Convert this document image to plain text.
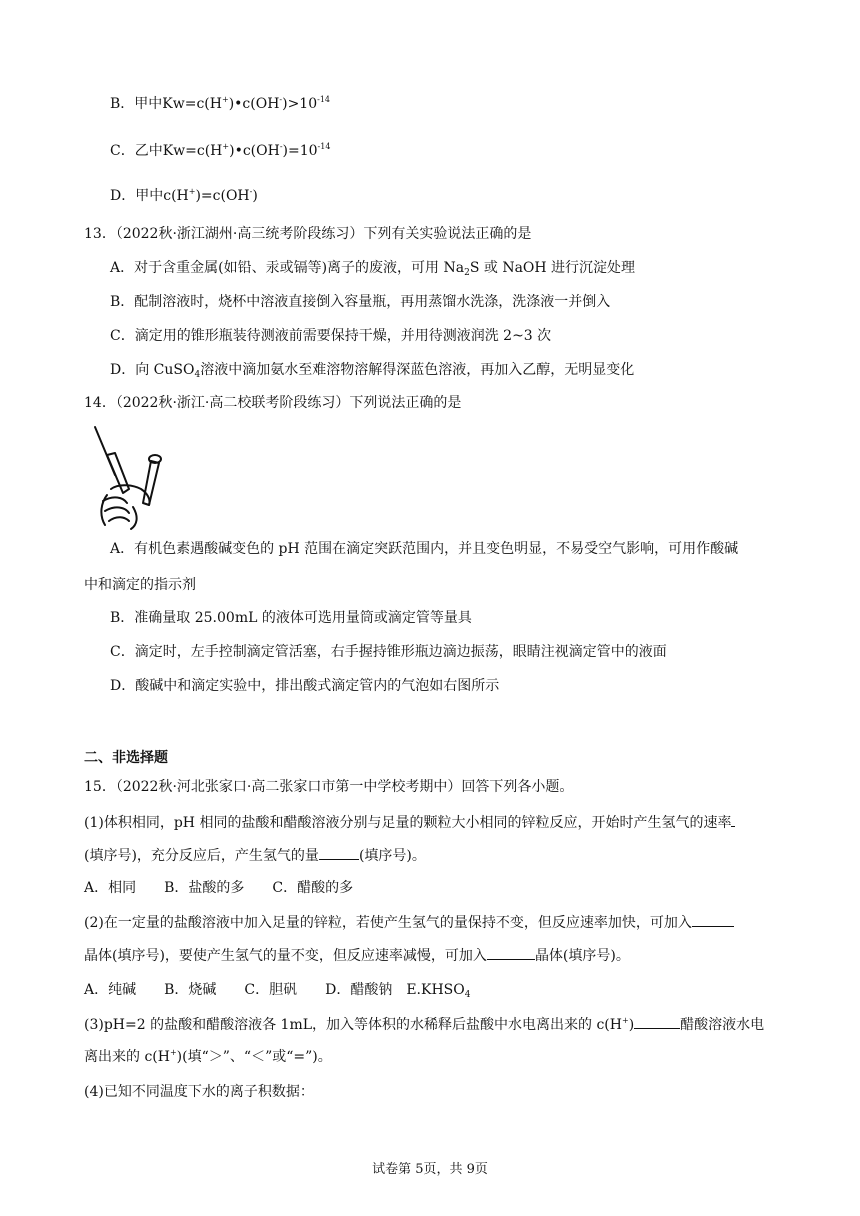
B．甲中$Kw=c(H^+)•c(OH^-)>10^{-14}$
C．乙中$Kw=c(H^+)•c(OH^-)=10^{-14}$
D．甲中c(H+)=c(OH-)
13．（2022秋·浙江湖州·高三统考阶段练习）下列有关实验说法正确的是
A．对于含重金属(如铅、汞或镉等)离子的废液，可用 $Na_2S$ 或 NaOH 进行沉淀处理
B．配制溶液时，烧杯中溶液直接倒入容量瓶，再用蒸馏水洗涤，洗涤液一并倒入
C．滴定用的锥形瓶装待测液前需要保持干燥，并用待测液润洗 2~3 次
D．向 CuSO$_4$溶液中滴加氨水至难溶物溶解得深蓝色溶液，再加入乙醇，无明显变化
14．（2022秋·浙江·高二校联考阶段练习）下列说法正确的是
A．有机色素遇酸碱变色的 pH 范围在滴定突跃范围内，并且变色明显，不易受空气影响，可用作酸碱
中和滴定的指示剂
B．准确量取 25.00mL 的液体可选用量筒或滴定管等量具
C．滴定时，左手控制滴定管活塞，右手握持锥形瓶边滴边振荡，眼睛注视滴定管中的液面
D．酸碱中和滴定实验中，排出酸式滴定管内的气泡如右图所示
二、非选择题
15．（2022秋·河北张家口·高二张家口市第一中学校考期中）回答下列各小题。
(1)体积相同，pH 相同的盐酸和醋酸溶液分别与足量的颗粒大小相同的锌粒反应，开始时产生氢气的速率
(填序号)，充分反应后，产生氢气的量	(填序号)。
A．相同　　B．盐酸的多　　C．醋酸的多
(2)在一定量的盐酸溶液中加入足量的锌粒，若使产生氢气的量保持不变，但反应速率加快，可加入
晶体(填序号)，要使产生氢气的量不变，但反应速率减慢，可加入	晶体(填序号)。
A．纯碱　　B．烧碱　　C．胆矾　　D．醋酸钠　$E.KHSO_4$
(3)pH=2 的盐酸和醋酸溶液各 1mL，加入等体积的水稀释后盐酸中水电离出来的 c(H+)	醋酸溶液水电
离出来的 c(H+)(填“＞”、“＜”或“=”)。
(4)已知不同温度下水的离子积数据：
试卷第 5页，共 9页
